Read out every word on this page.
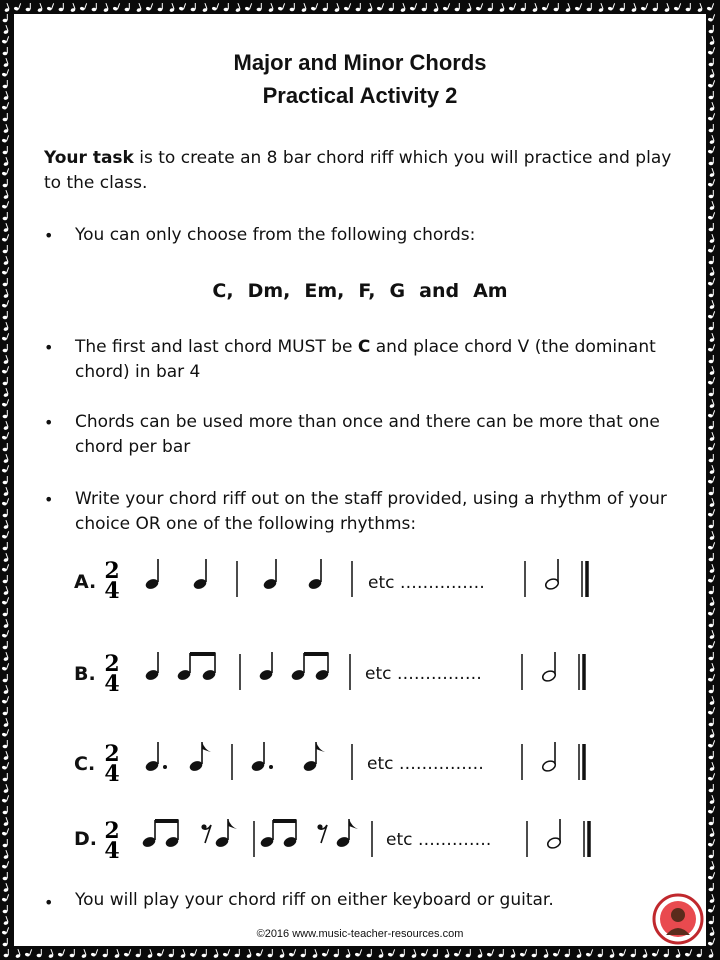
Major and Minor Chords
Practical Activity 2
Your task is to create an 8 bar chord riff which you will practice and play
to the class.
• You can only choose from the following chords:
C, Dm, Em, F, G and Am
• The first and last chord MUST be C and place chord V (the dominant
chord) in bar 4
• Chords can be used more than once and there can be more that one
chord per bar
• Write your chord riff out on the staff provided, using a rhythm of your
choice OR one of the following rhythms:
A. 2
4	etc ……………
B. 2
4	etc ……………
C. 2
4	etc ……………
D. 2
4	etc ………….
• You will play your chord riff on either keyboard or guitar.
©2016 www.music-teacher-resources.com
